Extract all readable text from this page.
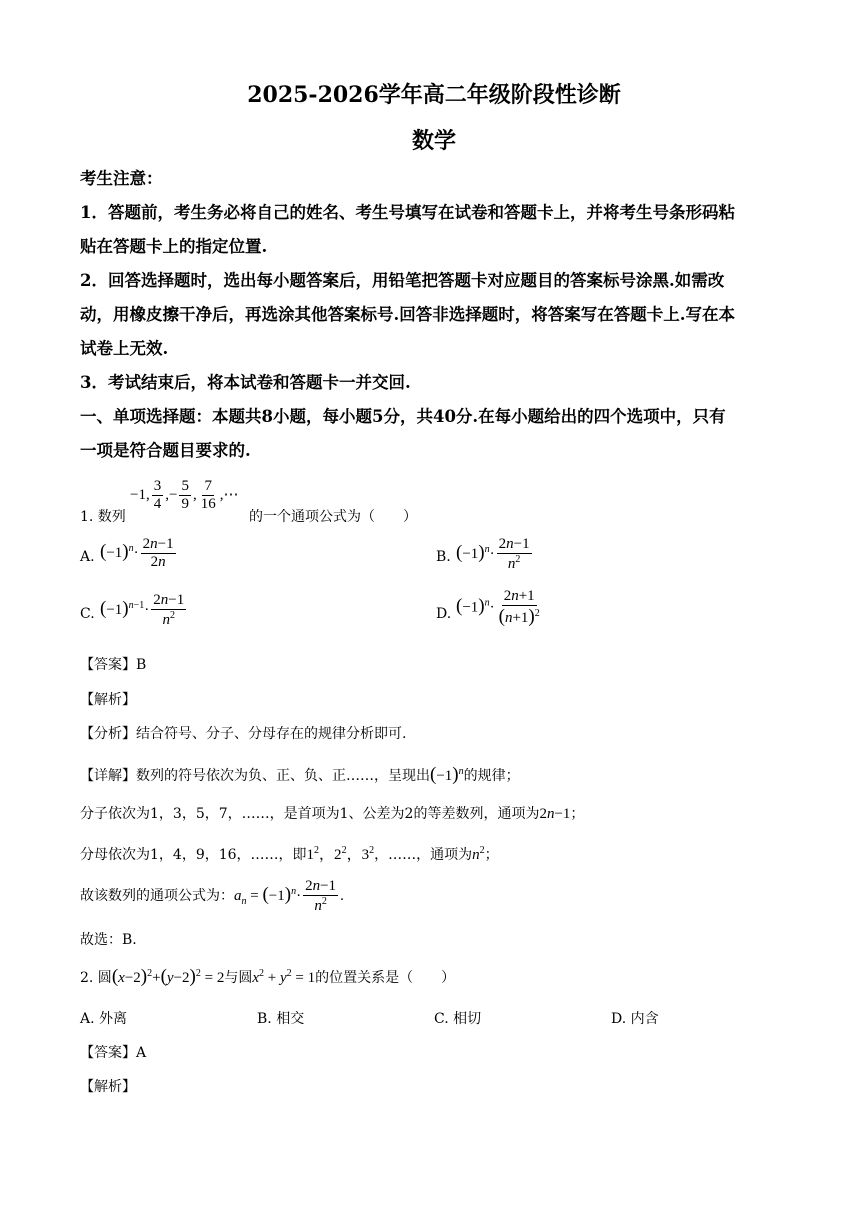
2025-2026学年高二年级阶段性诊断
数学
考生注意：
1．答题前，考生务必将自己的姓名、考生号填写在试卷和答题卡上，并将考生号条形码粘
贴在答题卡上的指定位置.
2．回答选择题时，选出每小题答案后，用铅笔把答题卡对应题目的答案标号涂黑.如需改
动，用橡皮擦干净后，再选涂其他答案标号.回答非选择题时，将答案写在答题卡上.写在本
试卷上无效.
3．考试结束后，将本试卷和答题卡一并交回.
一、单项选择题：本题共8小题，每小题5分，共40分.在每小题给出的四个选项中，只有
一项是符合题目要求的.
1. 数列
−1, $\frac{3}{4}$ ,− $\frac{5}{9}$ , $\frac{7}{16}$ ,⋯
的一个通项公式为（　　）
A. $(-1)^n\cdot \frac{2n-1}{2n}$	B. $(-1)^n\cdot \frac{2n-1}{n^2}$
C. $(-1)^{n-1}\cdot \frac{2n-1}{n^2}$	D. $(-1)^n\cdot \frac{2n+1}{(n+1)^2}$
【答案】B
【解析】
【分析】结合符号、分子、分母存在的规律分析即可.
【详解】数列的符号依次为负、正、负、正……，呈现出$(-1)^n$的规律；
分子依次为1，3，5，7，……，是首项为1、公差为2的等差数列，通项为2n−1；
分母依次为1，4，9，16，……，即$1^2$，$2^2$，$3^2$，……，通项为$n^2$；
故该数列的通项公式为：$a_n = (-1)^n\cdot \frac{2n-1}{n^2}$ .
故选：B.
2. 圆$(x-2)^2+(y-2)^2 = 2$与圆$x^2 + y^2 = 1$的位置关系是（　　）
A. 外离	B. 相交	C. 相切	D. 内含
【答案】A
【解析】
